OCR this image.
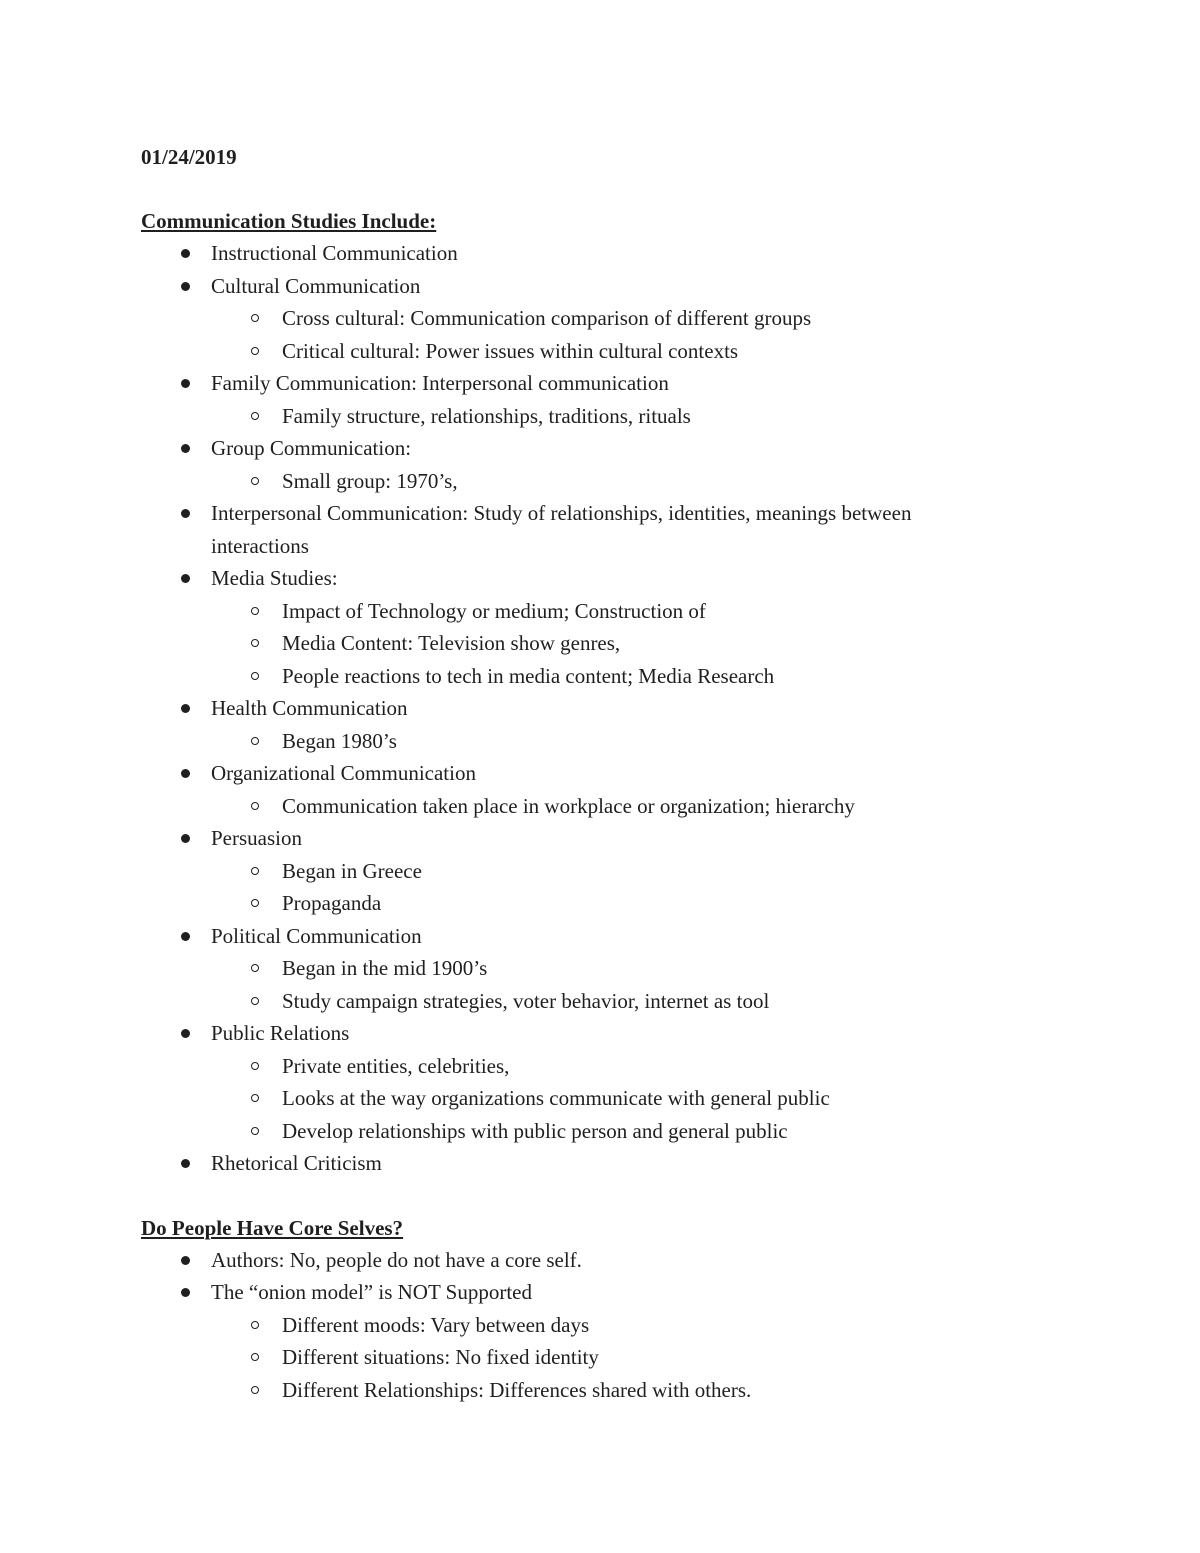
01/24/2019

Communication Studies Include:

Instructional Communication
Cultural Communication
Cross cultural: Communication comparison of different groups
Critical cultural: Power issues within cultural contexts
Family Communication: Interpersonal communication
Family structure, relationships, traditions, rituals
Group Communication:
Small group: 1970’s,
Interpersonal Communication: Study of relationships, identities, meanings between interactions
Media Studies:
Impact of Technology or medium; Construction of
Media Content: Television show genres,
People reactions to tech in media content; Media Research
Health Communication
Began 1980’s
Organizational Communication
Communication taken place in workplace or organization; hierarchy
Persuasion
Began in Greece
Propaganda
Political Communication
Began in the mid 1900’s
Study campaign strategies, voter behavior, internet as tool
Public Relations
Private entities, celebrities,
Looks at the way organizations communicate with general public
Develop relationships with public person and general public
Rhetorical Criticism

Do People Have Core Selves?

Authors: No, people do not have a core self.
The “onion model” is NOT Supported
Different moods: Vary between days
Different situations: No fixed identity
Different Relationships: Differences shared with others.
